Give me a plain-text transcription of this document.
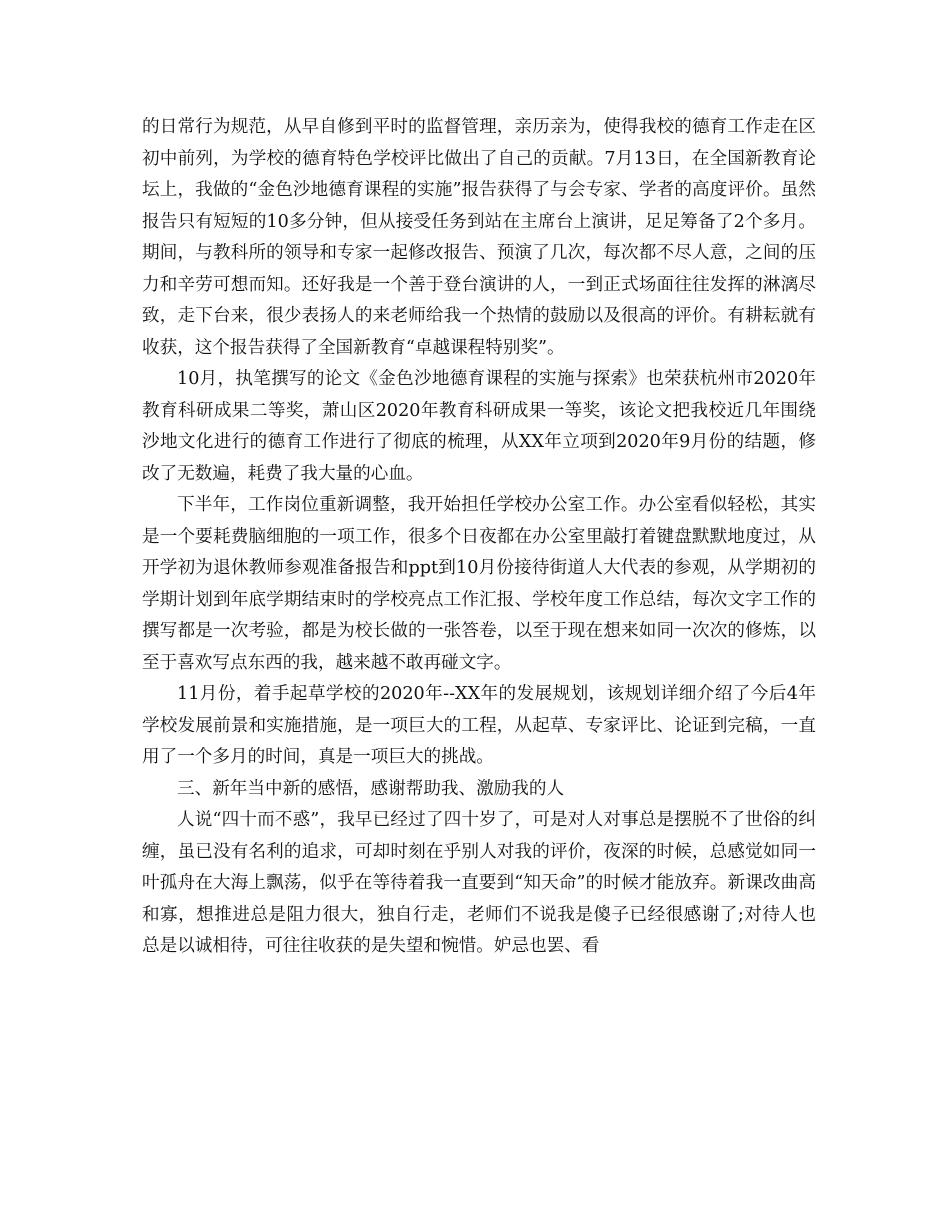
的日常行为规范，从早自修到平时的监督管理，亲历亲为，使得我校的德育工作走在区初中前列，为学校的德育特色学校评比做出了自己的贡献。7月13日，在全国新教育论坛上，我做的“金色沙地德育课程的实施”报告获得了与会专家、学者的高度评价。虽然报告只有短短的10多分钟，但从接受任务到站在主席台上演讲，足足筹备了2个多月。期间，与教科所的领导和专家一起修改报告、预演了几次，每次都不尽人意，之间的压力和辛劳可想而知。还好我是一个善于登台演讲的人，一到正式场面往往发挥的淋漓尽致，走下台来，很少表扬人的来老师给我一个热情的鼓励以及很高的评价。有耕耘就有收获，这个报告获得了全国新教育“卓越课程特别奖”。

10月，执笔撰写的论文《金色沙地德育课程的实施与探索》也荣获杭州市2020年教育科研成果二等奖，萧山区2020年教育科研成果一等奖，该论文把我校近几年围绕沙地文化进行的德育工作进行了彻底的梳理，从XX年立项到2020年9月份的结题，修改了无数遍，耗费了我大量的心血。

下半年，工作岗位重新调整，我开始担任学校办公室工作。办公室看似轻松，其实是一个要耗费脑细胞的一项工作，很多个日夜都在办公室里敲打着键盘默默地度过，从开学初为退休教师参观准备报告和ppt到10月份接待街道人大代表的参观，从学期初的学期计划到年底学期结束时的学校亮点工作汇报、学校年度工作总结，每次文字工作的撰写都是一次考验，都是为校长做的一张答卷，以至于现在想来如同一次次的修炼，以至于喜欢写点东西的我，越来越不敢再碰文字。

11月份，着手起草学校的2020年--XX年的发展规划，该规划详细介绍了今后4年学校发展前景和实施措施，是一项巨大的工程，从起草、专家评比、论证到完稿，一直用了一个多月的时间，真是一项巨大的挑战。

三、新年当中新的感悟，感谢帮助我、激励我的人

人说“四十而不惑”，我早已经过了四十岁了，可是对人对事总是摆脱不了世俗的纠缠，虽已没有名利的追求，可却时刻在乎别人对我的评价，夜深的时候，总感觉如同一叶孤舟在大海上飘荡，似乎在等待着我一直要到“知天命”的时候才能放弃。新课改曲高和寡，想推进总是阻力很大，独自行走，老师们不说我是傻子已经很感谢了;对待人也总是以诚相待，可往往收获的是失望和惋惜。妒忌也罢、看
